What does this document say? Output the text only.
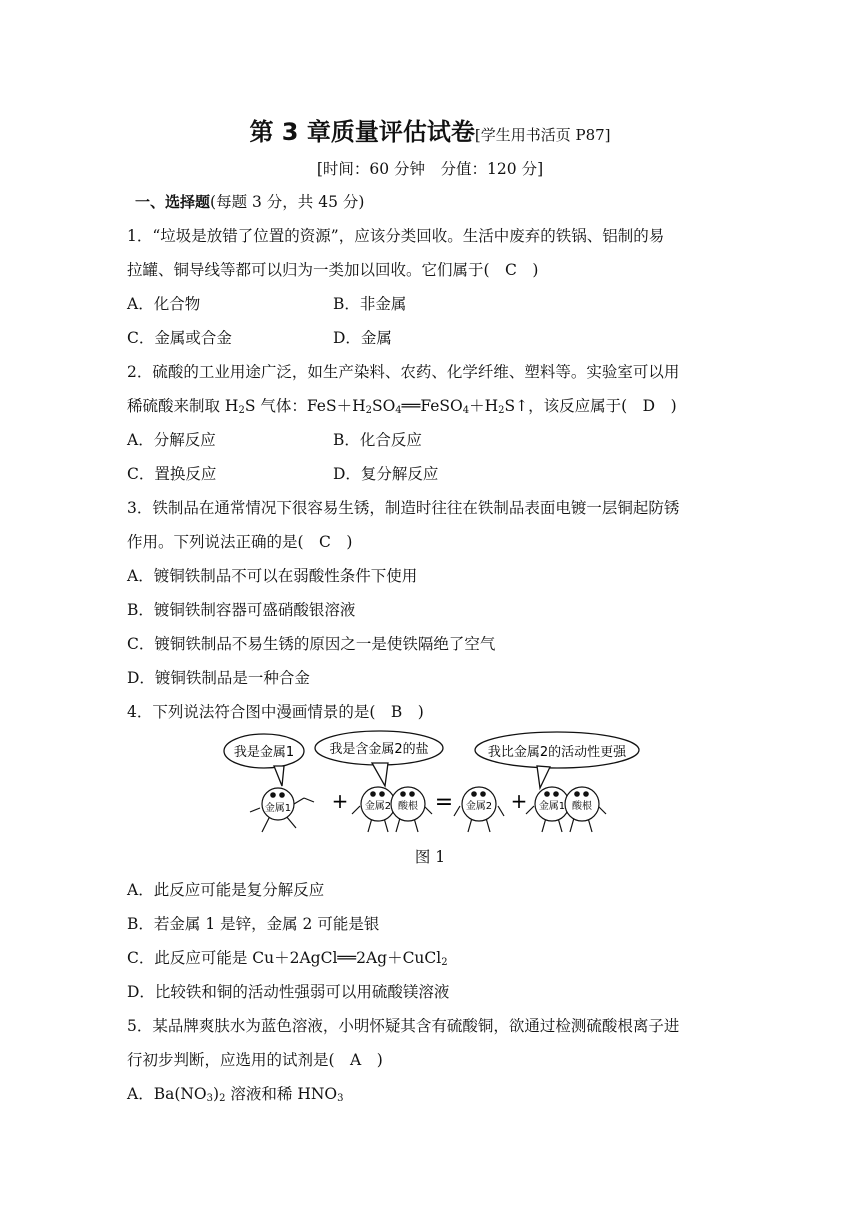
第 3 章质量评估试卷[学生用书活页 P87]
[时间：60 分钟　分值：120 分]
一、选择题(每题 3 分，共 45 分)
1．“垃圾是放错了位置的资源”，应该分类回收。生活中废弃的铁锅、铝制的易
拉罐、铜导线等都可以归为一类加以回收。它们属于(　C　)
A．化合物	B．非金属
C．金属或合金	D．金属
2．硫酸的工业用途广泛，如生产染料、农药、化学纤维、塑料等。实验室可以用
稀硫酸来制取 $H_2S$ 气体：$FeS+H_2SO_4══FeSO_4+H_2S↑$，该反应属于(　D　)
A．分解反应	B．化合反应
C．置换反应	D．复分解反应
3．铁制品在通常情况下很容易生锈，制造时往往在铁制品表面电镀一层铜起防锈
作用。下列说法正确的是(　C　)
A．镀铜铁制品不可以在弱酸性条件下使用
B．镀铜铁制容器可盛硝酸银溶液
C．镀铜铁制品不易生锈的原因之一是使铁隔绝了空气
D．镀铜铁制品是一种合金
4．下列说法符合图中漫画情景的是(　B　)
我是金属1	我是含金属2的盐	我比金属2的活动性更强
金属1 + 金属2 酸根 = 金属2 + 金属1 酸根
图 1
A．此反应可能是复分解反应
B．若金属 1 是锌，金属 2 可能是银
C．此反应可能是 Cu＋2AgCl══2Ag＋CuCl$_2$
D．比较铁和铜的活动性强弱可以用硫酸镁溶液
5．某品牌爽肤水为蓝色溶液，小明怀疑其含有硫酸铜，欲通过检测硫酸根离子进
行初步判断，应选用的试剂是(　A　)
A．$Ba(NO_3)_2$ 溶液和稀 $HNO_3$
